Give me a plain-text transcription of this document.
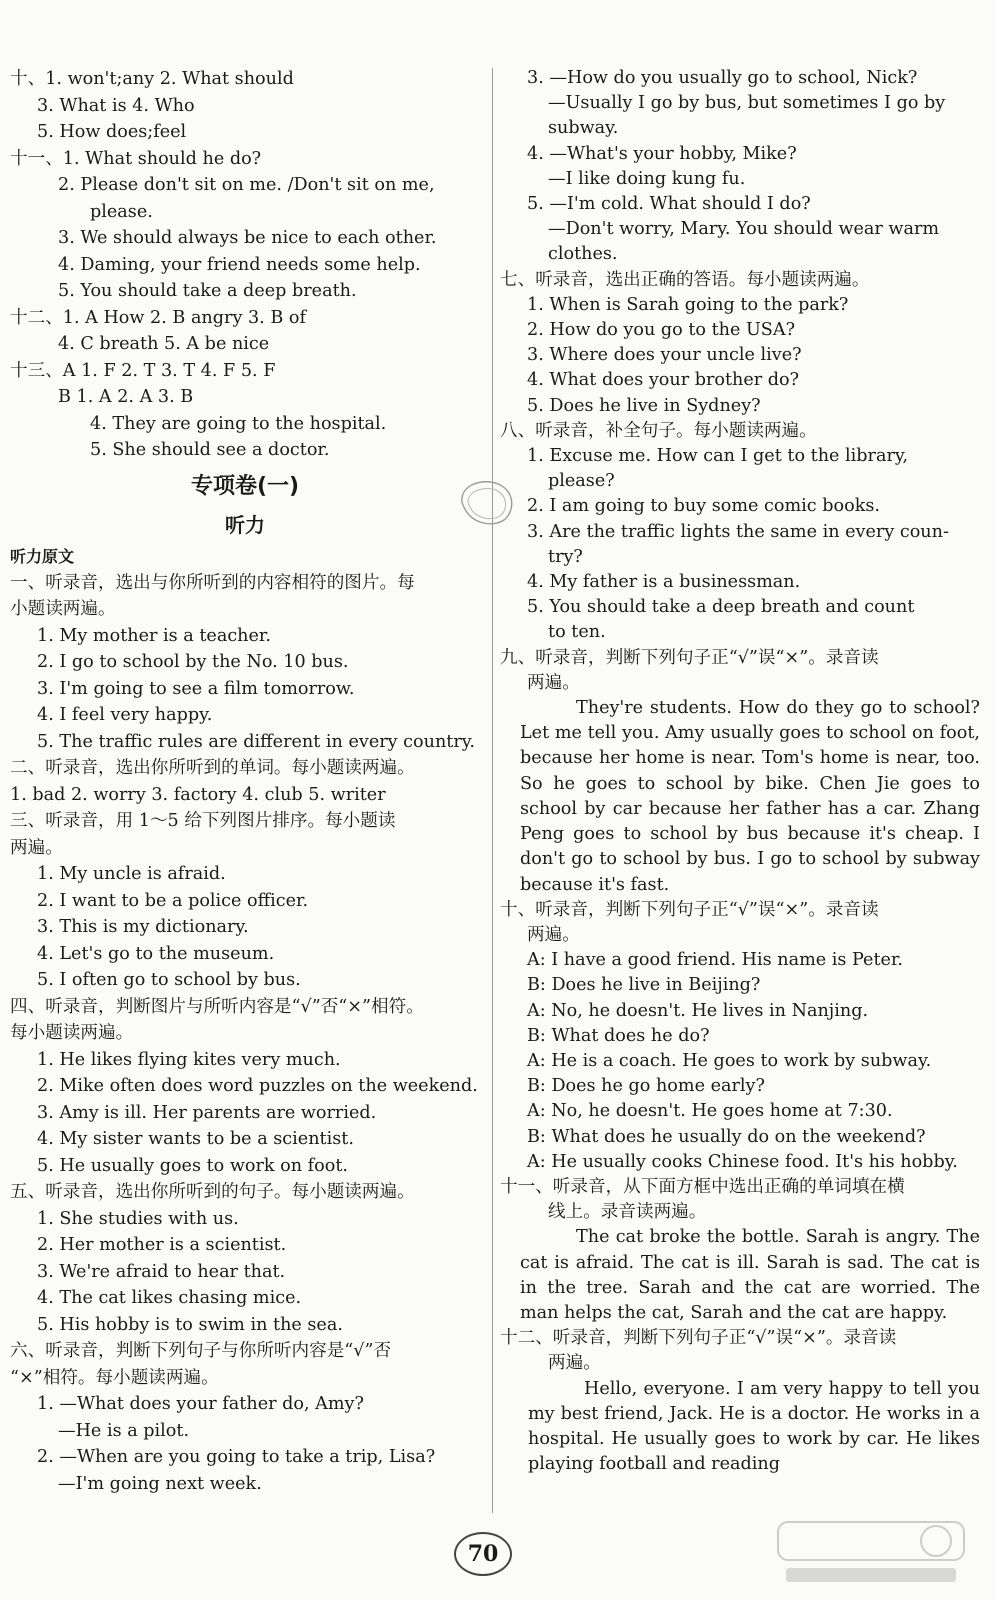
十、1. won't;any 2. What should
3. What is 4. Who
5. How does;feel
十一、1. What should he do?
2. Please don't sit on me. /Don't sit on me,
please.
3. We should always be nice to each other.
4. Daming, your friend needs some help.
5. You should take a deep breath.
十二、1. A How 2. B angry 3. B of
4. C breath 5. A be nice
十三、A 1. F 2. T 3. T 4. F 5. F
B 1. A 2. A 3. B
4. They are going to the hospital.
5. She should see a doctor.
专项卷(一)
听力
听力原文
一、听录音，选出与你所听到的内容相符的图片。每
小题读两遍。
1. My mother is a teacher.
2. I go to school by the No. 10 bus.
3. I'm going to see a film tomorrow.
4. I feel very happy.
5. The traffic rules are different in every country.
二、听录音，选出你所听到的单词。每小题读两遍。
1. bad 2. worry 3. factory 4. club 5. writer
三、听录音，用 1～5 给下列图片排序。每小题读
两遍。
1. My uncle is afraid.
2. I want to be a police officer.
3. This is my dictionary.
4. Let's go to the museum.
5. I often go to school by bus.
四、听录音，判断图片与所听内容是“√”否“×”相符。
每小题读两遍。
1. He likes flying kites very much.
2. Mike often does word puzzles on the weekend.
3. Amy is ill. Her parents are worried.
4. My sister wants to be a scientist.
5. He usually goes to work on foot.
五、听录音，选出你所听到的句子。每小题读两遍。
1. She studies with us.
2. Her mother is a scientist.
3. We're afraid to hear that.
4. The cat likes chasing mice.
5. His hobby is to swim in the sea.
六、听录音，判断下列句子与你所听内容是“√”否
“×”相符。每小题读两遍。
1. —What does your father do, Amy?
—He is a pilot.
2. —When are you going to take a trip, Lisa?
—I'm going next week.
3. —How do you usually go to school, Nick?
—Usually I go by bus, but sometimes I go by
subway.
4. —What's your hobby, Mike?
—I like doing kung fu.
5. —I'm cold. What should I do?
—Don't worry, Mary. You should wear warm
clothes.
七、听录音，选出正确的答语。每小题读两遍。
1. When is Sarah going to the park?
2. How do you go to the USA?
3. Where does your uncle live?
4. What does your brother do?
5. Does he live in Sydney?
八、听录音，补全句子。每小题读两遍。
1. Excuse me. How can I get to the library,
please?
2. I am going to buy some comic books.
3. Are the traffic lights the same in every coun-
try?
4. My father is a businessman.
5. You should take a deep breath and count
to ten.
九、听录音，判断下列句子正“√”误“×”。录音读
两遍。
They're students. How do they go to school? Let me tell you. Amy usually goes to school on foot, because her home is near. Tom's home is near, too. So he goes to school by bike. Chen Jie goes to school by car because her father has a car. Zhang Peng goes to school by bus because it's cheap. I don't go to school by bus. I go to school by subway because it's fast.
十、听录音，判断下列句子正“√”误“×”。录音读
两遍。
A: I have a good friend. His name is Peter.
B: Does he live in Beijing?
A: No, he doesn't. He lives in Nanjing.
B: What does he do?
A: He is a coach. He goes to work by subway.
B: Does he go home early?
A: No, he doesn't. He goes home at 7:30.
B: What does he usually do on the weekend?
A: He usually cooks Chinese food. It's his hobby.
十一、听录音，从下面方框中选出正确的单词填在横
线上。录音读两遍。
The cat broke the bottle. Sarah is angry. The cat is afraid. The cat is ill. Sarah is sad. The cat is in the tree. Sarah and the cat are worried. The man helps the cat, Sarah and the cat are happy.
十二、听录音，判断下列句子正“√”误“×”。录音读
两遍。
Hello, everyone. I am very happy to tell you my best friend, Jack. He is a doctor. He works in a hospital. He usually goes to work by car. He likes playing football and reading
70
